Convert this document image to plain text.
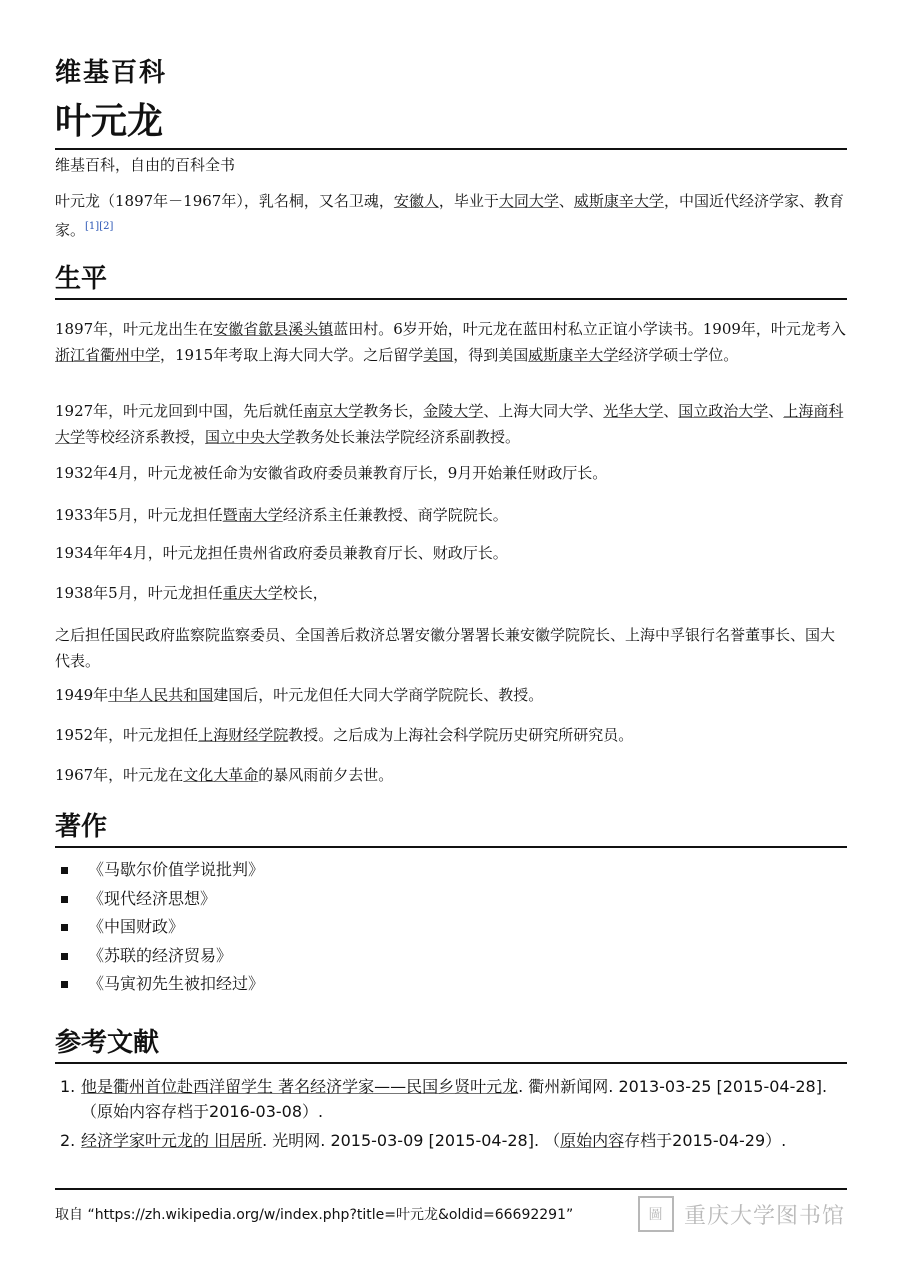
维基百科
叶元龙
维基百科，自由的百科全书

叶元龙（1897年－1967年），乳名桐，又名卫魂，安徽人，毕业于大同大学、威斯康辛大学，中国近代经济学家、教育家。[1][2]

生平

1897年，叶元龙出生在安徽省歙县溪头镇蓝田村。6岁开始，叶元龙在蓝田村私立正谊小学读书。1909年，叶元龙考入浙江省衢州中学，1915年考取上海大同大学。之后留学美国，得到美国威斯康辛大学经济学硕士学位。

1927年，叶元龙回到中国，先后就任南京大学教务长，金陵大学、上海大同大学、光华大学、国立政治大学、上海商科大学等校经济系教授，国立中央大学教务处长兼法学院经济系副教授。

1932年4月，叶元龙被任命为安徽省政府委员兼教育厅长，9月开始兼任财政厅长。

1933年5月，叶元龙担任暨南大学经济系主任兼教授、商学院院长。

1934年年4月，叶元龙担任贵州省政府委员兼教育厅长、财政厅长。

1938年5月，叶元龙担任重庆大学校长，

之后担任国民政府监察院监察委员、全国善后救济总署安徽分署署长兼安徽学院院长、上海中孚银行名誉董事长、国大代表。

1949年中华人民共和国建国后，叶元龙但任大同大学商学院院长、教授。

1952年，叶元龙担任上海财经学院教授。之后成为上海社会科学院历史研究所研究员。

1967年，叶元龙在文化大革命的暴风雨前夕去世。

著作
《马歇尔价值学说批判》
《现代经济思想》
《中国财政》
《苏联的经济贸易》
《马寅初先生被扣经过》
参考文献
1. 他是衢州首位赴西洋留学生 著名经济学家——民国乡贤叶元龙. 衢州新闻网. 2013-03-25 [2015-04-28]. （原始内容存档于2016-03-08）.
2. 经济学家叶元龙的 旧居所. 光明网. 2015-03-09 [2015-04-28]. （原始内容存档于2015-04-29）.
取自 “https://zh.wikipedia.org/w/index.php?title=叶元龙&oldid=66692291”	圖 重庆大学图书馆
